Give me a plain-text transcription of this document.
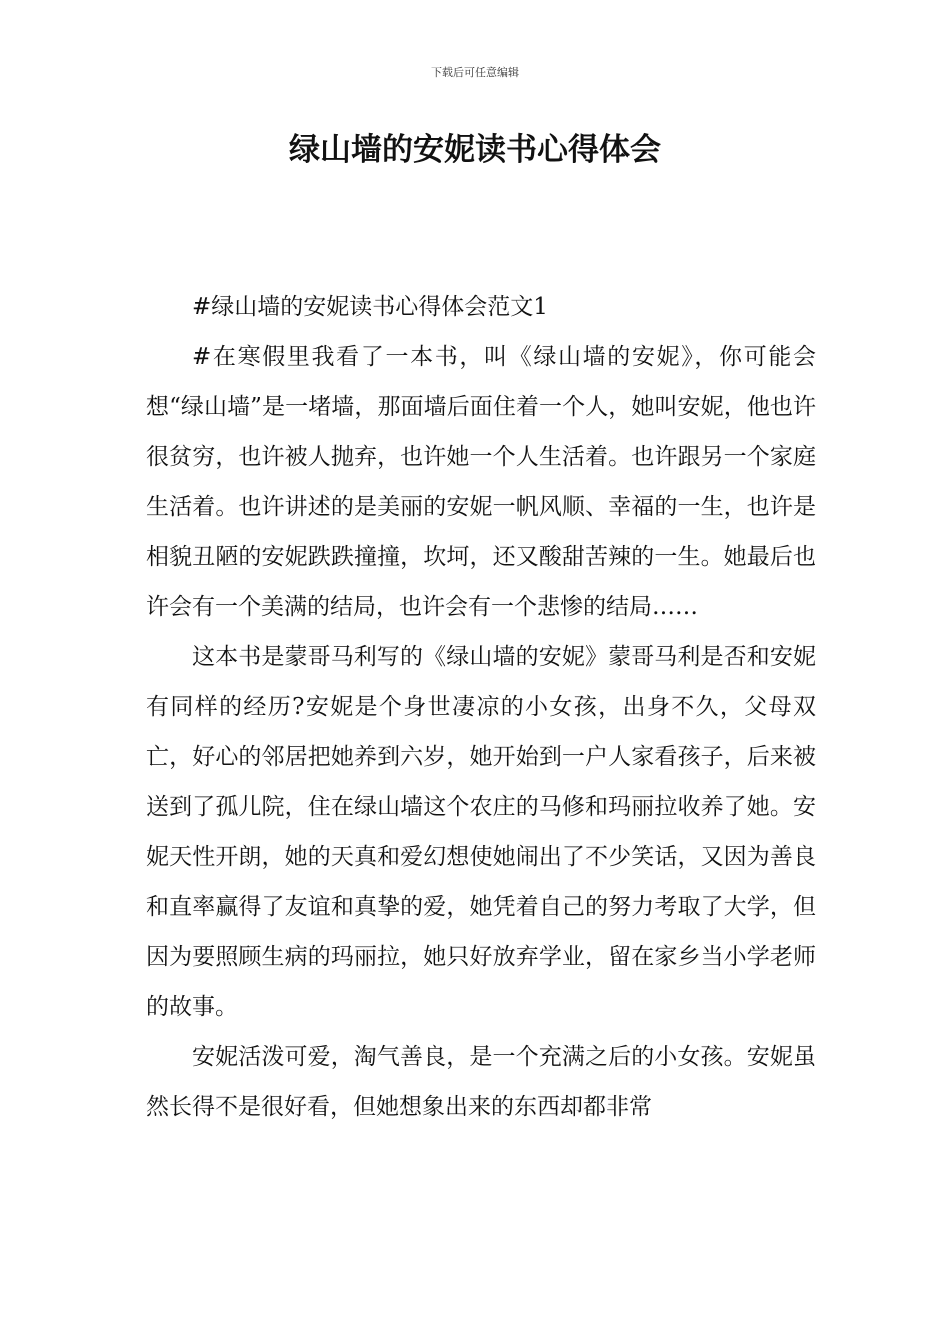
下载后可任意编辑
绿山墙的安妮读书心得体会

#绿山墙的安妮读书心得体会范文1

#在寒假里我看了一本书，叫《绿山墙的安妮》，你可能会想“绿山墙”是一堵墙，那面墙后面住着一个人，她叫安妮，他也许很贫穷，也许被人抛弃，也许她一个人生活着。也许跟另一个家庭生活着。也许讲述的是美丽的安妮一帆风顺、幸福的一生，也许是相貌丑陋的安妮跌跌撞撞，坎坷，还又酸甜苦辣的一生。她最后也许会有一个美满的结局，也许会有一个悲惨的结局……

这本书是蒙哥马利写的《绿山墙的安妮》蒙哥马利是否和安妮有同样的经历?安妮是个身世凄凉的小女孩，出身不久，父母双亡，好心的邻居把她养到六岁，她开始到一户人家看孩子，后来被送到了孤儿院，住在绿山墙这个农庄的马修和玛丽拉收养了她。安妮天性开朗，她的天真和爱幻想使她闹出了不少笑话，又因为善良和直率赢得了友谊和真挚的爱，她凭着自己的努力考取了大学，但因为要照顾生病的玛丽拉，她只好放弃学业，留在家乡当小学老师的故事。

安妮活泼可爱，淘气善良，是一个充满之后的小女孩。安妮虽然长得不是很好看，但她想象出来的东西却都非常
